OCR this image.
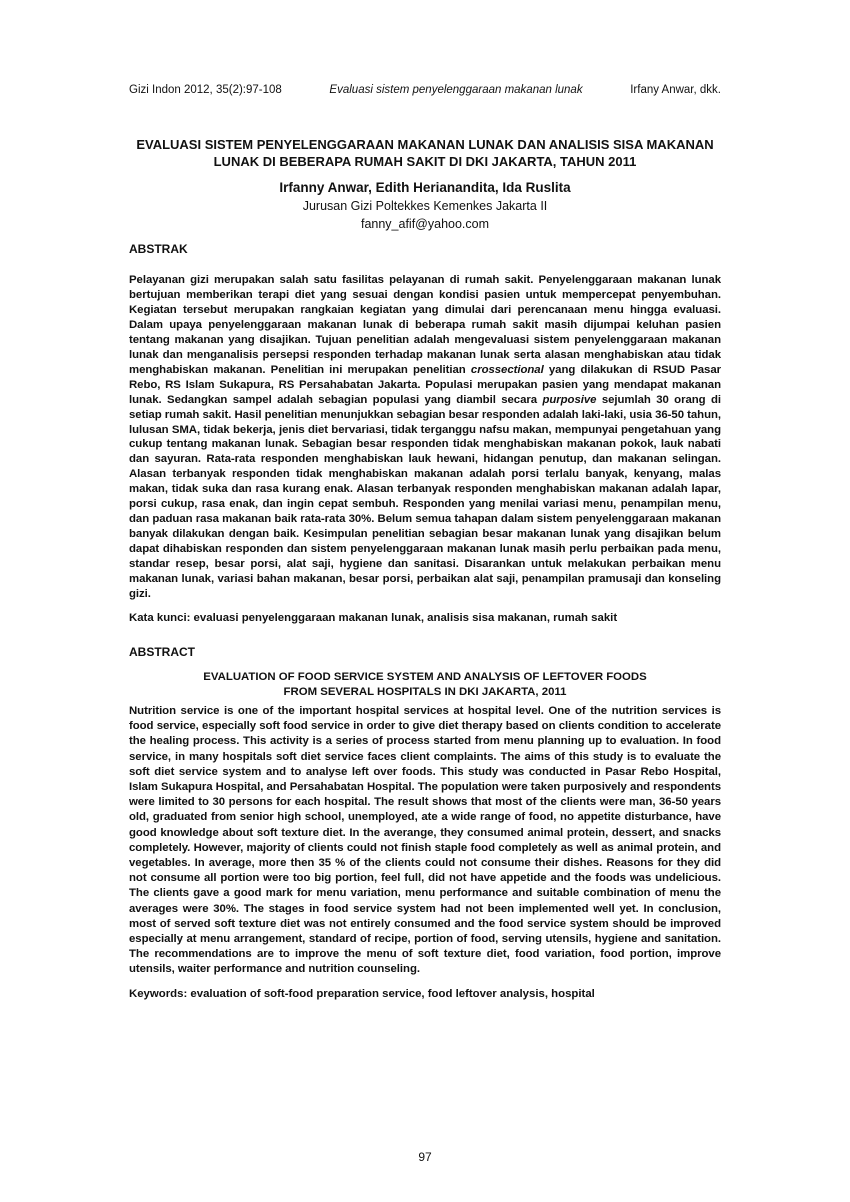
Gizi Indon 2012, 35(2):97-108	Evaluasi sistem penyelenggaraan makanan lunak	Irfany Anwar, dkk.
EVALUASI SISTEM PENYELENGGARAAN MAKANAN LUNAK DAN ANALISIS SISA MAKANAN
LUNAK DI BEBERAPA RUMAH SAKIT DI DKI JAKARTA, TAHUN 2011
Irfanny Anwar, Edith Herianandita, Ida Ruslita
Jurusan Gizi Poltekkes Kemenkes Jakarta II
fanny_afif@yahoo.com
ABSTRAK

Pelayanan gizi merupakan salah satu fasilitas pelayanan di rumah sakit. Penyelenggaraan makanan lunak bertujuan memberikan terapi diet yang sesuai dengan kondisi pasien untuk mempercepat penyembuhan. Kegiatan tersebut merupakan rangkaian kegiatan yang dimulai dari perencanaan menu hingga evaluasi. Dalam upaya penyelenggaraan makanan lunak di beberapa rumah sakit masih dijumpai keluhan pasien tentang makanan yang disajikan. Tujuan penelitian adalah mengevaluasi sistem penyelenggaraan makanan lunak dan menganalisis persepsi responden terhadap makanan lunak serta alasan menghabiskan atau tidak menghabiskan makanan. Penelitian ini merupakan penelitian crossectional yang dilakukan di RSUD Pasar Rebo, RS Islam Sukapura, RS Persahabatan Jakarta. Populasi merupakan pasien yang mendapat makanan lunak. Sedangkan sampel adalah sebagian populasi yang diambil secara purposive sejumlah 30 orang di setiap rumah sakit. Hasil penelitian menunjukkan sebagian besar responden adalah laki-laki, usia 36-50 tahun, lulusan SMA, tidak bekerja, jenis diet bervariasi, tidak terganggu nafsu makan, mempunyai pengetahuan yang cukup tentang makanan lunak. Sebagian besar responden tidak menghabiskan makanan pokok, lauk nabati dan sayuran. Rata-rata responden menghabiskan lauk hewani, hidangan penutup, dan makanan selingan. Alasan terbanyak responden tidak menghabiskan makanan adalah porsi terlalu banyak, kenyang, malas makan, tidak suka dan rasa kurang enak. Alasan terbanyak responden menghabiskan makanan adalah lapar, porsi cukup, rasa enak, dan ingin cepat sembuh. Responden yang menilai variasi menu, penampilan menu, dan paduan rasa makanan baik rata-rata 30%. Belum semua tahapan dalam sistem penyelenggaraan makanan banyak dilakukan dengan baik. Kesimpulan penelitian sebagian besar makanan lunak yang disajikan belum dapat dihabiskan responden dan sistem penyelenggaraan makanan lunak masih perlu perbaikan pada menu, standar resep, besar porsi, alat saji, hygiene dan sanitasi. Disarankan untuk melakukan perbaikan menu makanan lunak, variasi bahan makanan, besar porsi, perbaikan alat saji, penampilan pramusaji dan konseling gizi.

Kata kunci: evaluasi penyelenggaraan makanan lunak, analisis sisa makanan, rumah sakit
ABSTRACT
EVALUATION OF FOOD SERVICE SYSTEM AND ANALYSIS OF LEFTOVER FOODS
FROM SEVERAL HOSPITALS IN DKI JAKARTA, 2011

Nutrition service is one of the important hospital services at hospital level. One of the nutrition services is food service, especially soft food service in order to give diet therapy based on clients condition to accelerate the healing process. This activity is a series of process started from menu planning up to evaluation. In food service, in many hospitals soft diet service faces client complaints. The aims of this study is to evaluate the soft diet service system and to analyse left over foods. This study was conducted in Pasar Rebo Hospital, Islam Sukapura Hospital, and Persahabatan Hospital. The population were taken purposively and respondents were limited to 30 persons for each hospital. The result shows that most of the clients were man, 36-50 years old, graduated from senior high school, unemployed, ate a wide range of food, no appetite disturbance, have good knowledge about soft texture diet. In the averange, they consumed animal protein, dessert, and snacks completely. However, majority of clients could not finish staple food completely as well as animal protein, and vegetables. In average, more then 35 % of the clients could not consume their dishes. Reasons for they did not consume all portion were too big portion, feel full, did not have appetide and the foods was undelicious. The clients gave a good mark for menu variation, menu performance and suitable combination of menu the averages were 30%. The stages in food service system had not been implemented well yet. In conclusion, most of served soft texture diet was not entirely consumed and the food service system should be improved especially at menu arrangement, standard of recipe, portion of food, serving utensils, hygiene and sanitation. The recommendations are to improve the menu of soft texture diet, food variation, food portion, improve utensils, waiter performance and nutrition counseling.

Keywords: evaluation of soft-food preparation service, food leftover analysis, hospital
97
